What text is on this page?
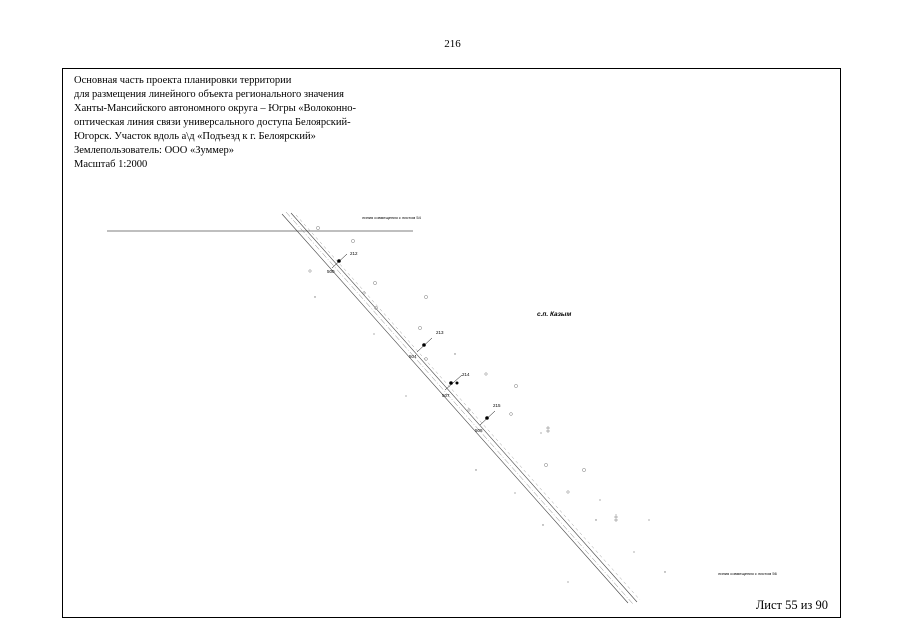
216
Основная часть проекта планировки территории
для размещения линейного объекта регионального значения
Ханты-Мансийского автономного округа – Югры «Волоконно-
оптическая линия связи универсального доступа Белоярский-
Югорск. Участок вдоль а\д «Подъезд к г. Белоярский»
Землепользователь: ООО «Зуммер»
Масштаб 1:2000
линия совмещения с листом 54
212
500
213
504
214
507
215
508
с.п. Казым
линия совмещения с листом 56
Лист 55 из 90
